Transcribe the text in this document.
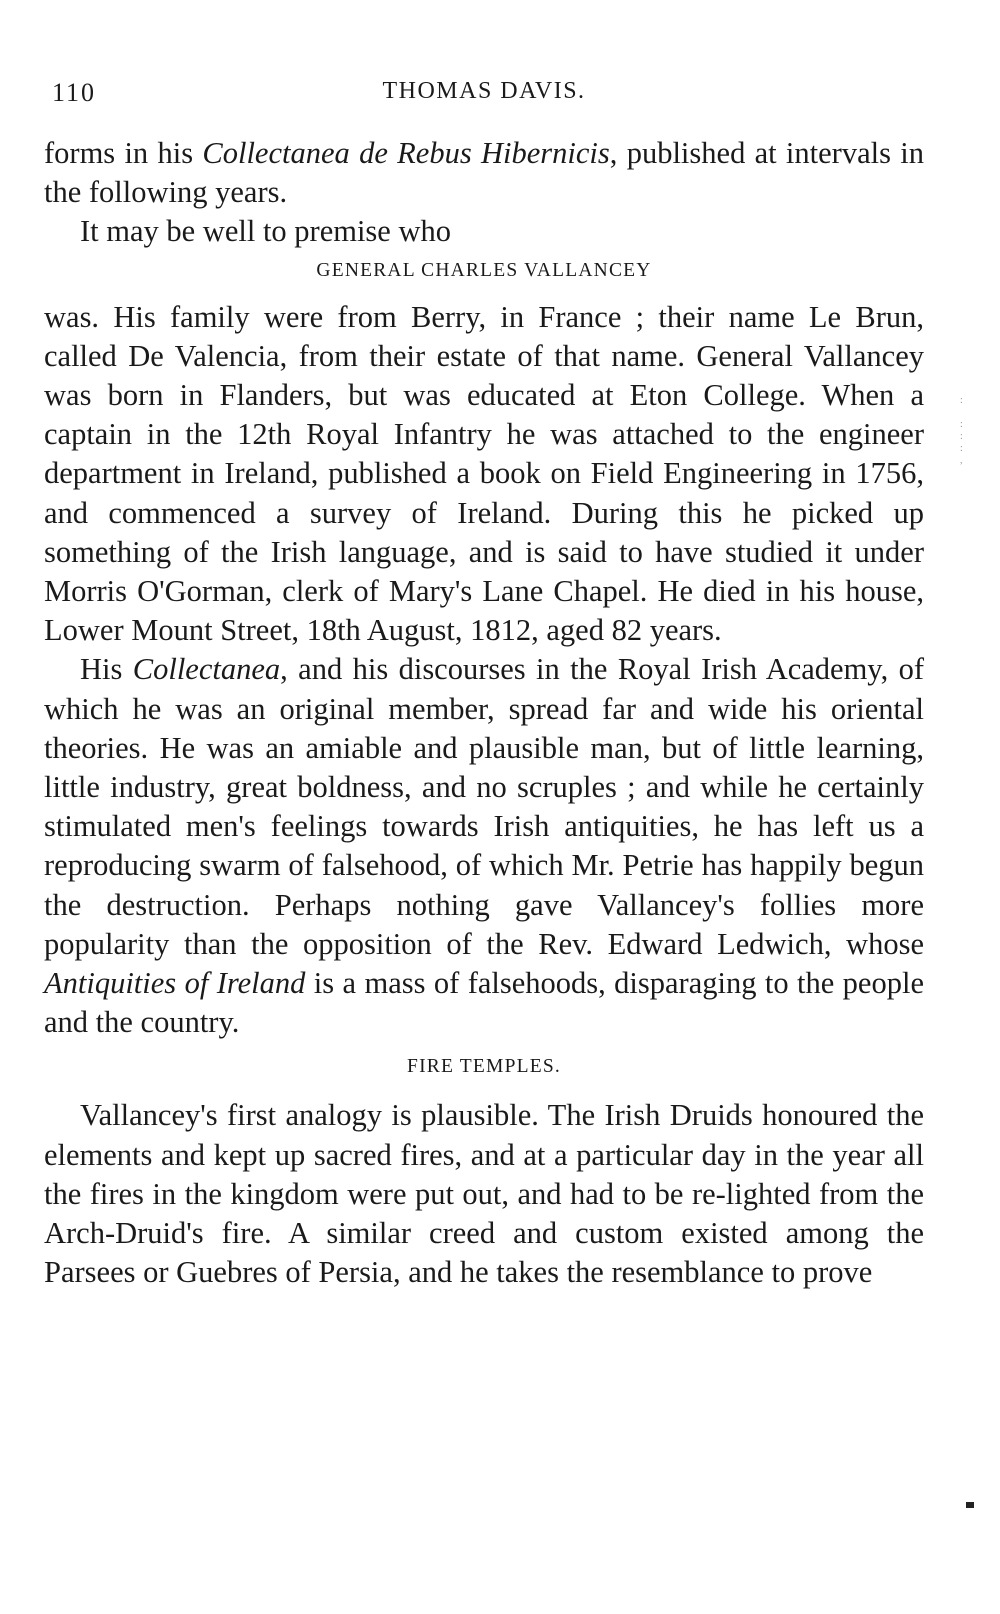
110	THOMAS DAVIS.

forms in his Collectanea de Rebus Hibernicis, published at intervals in the following years.

It may be well to premise who

GENERAL CHARLES VALLANCEY

was. His family were from Berry, in France ; their name Le Brun, called De Valencia, from their estate of that name. General Vallancey was born in Flanders, but was educated at Eton College. When a captain in the 12th Royal Infantry he was attached to the engineer department in Ireland, published a book on Field Engineering in 1756, and commenced a survey of Ireland. During this he picked up something of the Irish language, and is said to have studied it under Morris O'Gorman, clerk of Mary's Lane Chapel. He died in his house, Lower Mount Street, 18th August, 1812, aged 82 years.

His Collectanea, and his discourses in the Royal Irish Academy, of which he was an original member, spread far and wide his oriental theories. He was an amiable and plausible man, but of little learning, little industry, great boldness, and no scruples ; and while he certainly stimulated men's feelings towards Irish antiquities, he has left us a reproducing swarm of falsehood, of which Mr. Petrie has happily begun the destruction. Perhaps nothing gave Vallancey's follies more popularity than the opposition of the Rev. Edward Ledwich, whose Antiquities of Ireland is a mass of falsehoods, disparaging to the people and the country.

FIRE TEMPLES.

Vallancey's first analogy is plausible. The Irish Druids honoured the elements and kept up sacred fires, and at a particular day in the year all the fires in the kingdom were put out, and had to be re-lighted from the Arch-Druid's fire. A similar creed and custom existed among the Parsees or Guebres of Persia, and he takes the resemblance to prove

:

:
:
:
,
